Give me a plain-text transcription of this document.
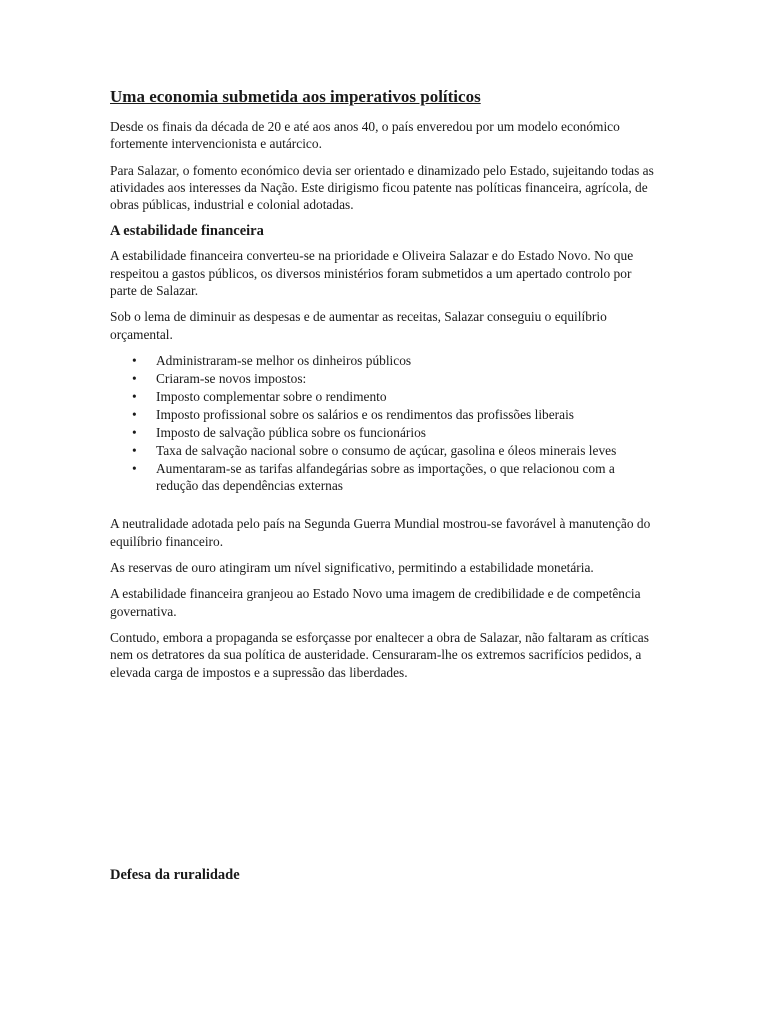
Uma economia submetida aos imperativos políticos

Desde os finais da década de 20 e até aos anos 40, o país enveredou por um modelo económico fortemente intervencionista e autárcico.

Para Salazar, o fomento económico devia ser orientado e dinamizado pelo Estado, sujeitando todas as atividades aos interesses da Nação. Este dirigismo ficou patente nas políticas financeira, agrícola, de obras públicas, industrial e colonial adotadas.

A estabilidade financeira

A estabilidade financeira converteu-se na prioridade e Oliveira Salazar e do Estado Novo. No que respeitou a gastos públicos, os diversos ministérios foram submetidos a um apertado controlo por parte de Salazar.

Sob o lema de diminuir as despesas e de aumentar as receitas, Salazar conseguiu o equilíbrio orçamental.

• Administraram-se melhor os dinheiros públicos
• Criaram-se novos impostos:
• Imposto complementar sobre o rendimento
• Imposto profissional sobre os salários e os rendimentos das profissões liberais
• Imposto de salvação pública sobre os funcionários
• Taxa de salvação nacional sobre o consumo de açúcar, gasolina e óleos minerais leves
• Aumentaram-se as tarifas alfandegárias sobre as importações, o que relacionou com a redução das dependências externas

A neutralidade adotada pelo país na Segunda Guerra Mundial mostrou-se favorável à manutenção do equilíbrio financeiro.

As reservas de ouro atingiram um nível significativo, permitindo a estabilidade monetária.

A estabilidade financeira granjeou ao Estado Novo uma imagem de credibilidade e de competência governativa.

Contudo, embora a propaganda se esforçasse por enaltecer a obra de Salazar, não faltaram as críticas nem os detratores da sua política de austeridade. Censuraram-lhe os extremos sacrifícios pedidos, a elevada carga de impostos e a supressão das liberdades.

Defesa da ruralidade
